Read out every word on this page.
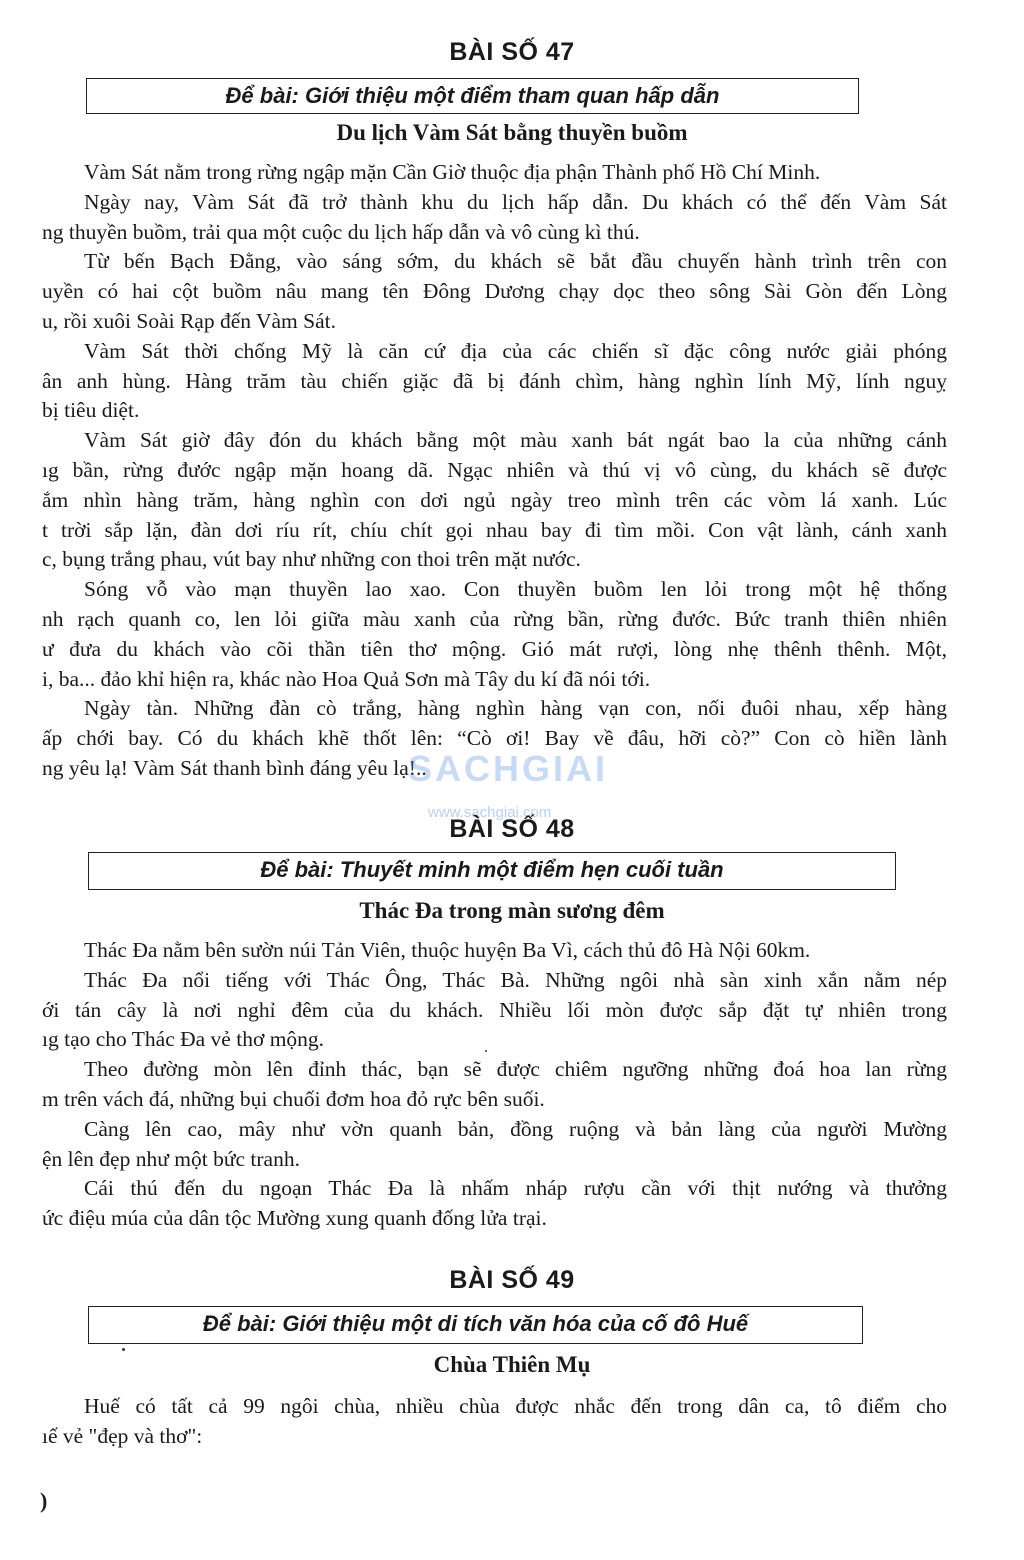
BÀI SỐ 47
Để bài: Giới thiệu một điểm tham quan hấp dẫn
Du lịch Vàm Sát bằng thuyền buồm
Vàm Sát nằm trong rừng ngập mặn Cần Giờ thuộc địa phận Thành phố Hồ Chí Minh.
Ngày nay, Vàm Sát đã trở thành khu du lịch hấp dẫn. Du khách có thể đến Vàm Sát
ng thuyền buồm, trải qua một cuộc du lịch hấp dẫn và vô cùng kì thú.
Từ bến Bạch Đằng, vào sáng sớm, du khách sẽ bắt đầu chuyến hành trình trên con
uyền có hai cột buồm nâu mang tên Đông Dương chạy dọc theo sông Sài Gòn đến Lòng
u, rồi xuôi Soài Rạp đến Vàm Sát.
Vàm Sát thời chống Mỹ là căn cứ địa của các chiến sĩ đặc công nước giải phóng
ân anh hùng. Hàng trăm tàu chiến giặc đã bị đánh chìm, hàng nghìn lính Mỹ, lính nguỵ
bị tiêu diệt.
Vàm Sát giờ đây đón du khách bằng một màu xanh bát ngát bao la của những cánh
ıg bần, rừng đước ngập mặn hoang dã. Ngạc nhiên và thú vị vô cùng, du khách sẽ được
ắm nhìn hàng trăm, hàng nghìn con dơi ngủ ngày treo mình trên các vòm lá xanh. Lúc
t trời sắp lặn, đàn dơi ríu rít, chíu chít gọi nhau bay đi tìm mồi. Con vật lành, cánh xanh
c, bụng trắng phau, vút bay như những con thoi trên mặt nước.
Sóng vỗ vào mạn thuyền lao xao. Con thuyền buồm len lỏi trong một hệ thống
nh rạch quanh co, len lỏi giữa màu xanh của rừng bần, rừng đước. Bức tranh thiên nhiên
ư đưa du khách vào cõi thần tiên thơ mộng. Gió mát rượi, lòng nhẹ thênh thênh. Một,
i, ba... đảo khỉ hiện ra, khác nào Hoa Quả Sơn mà Tây du kí đã nói tới.
Ngày tàn. Những đàn cò trắng, hàng nghìn hàng vạn con, nối đuôi nhau, xếp hàng
ấp chới bay. Có du khách khẽ thốt lên: “Cò ơi! Bay về đâu, hỡi cò?” Con cò hiền lành
ng yêu lạ! Vàm Sát thanh bình đáng yêu lạ!..
SACHGIAI
www.sachgiai.com
BÀI SỐ 48
Để bài: Thuyết minh một điểm hẹn cuối tuần
Thác Đa trong màn sương đêm
Thác Đa nằm bên sườn núi Tản Viên, thuộc huyện Ba Vì, cách thủ đô Hà Nội 60km.
Thác Đa nổi tiếng với Thác Ông, Thác Bà. Những ngôi nhà sàn xinh xắn nằm nép
ới tán cây là nơi nghỉ đêm của du khách. Nhiều lối mòn được sắp đặt tự nhiên trong
ıg tạo cho Thác Đa vẻ thơ mộng.
Theo đường mòn lên đỉnh thác, bạn sẽ được chiêm ngưỡng những đoá hoa lan rừng
m trên vách đá, những bụi chuối đơm hoa đỏ rực bên suối.
Càng lên cao, mây như vờn quanh bản, đồng ruộng và bản làng của người Mường
ện lên đẹp như một bức tranh.
Cái thú đến du ngoạn Thác Đa là nhấm nháp rượu cần với thịt nướng và thưởng
ức điệu múa của dân tộc Mường xung quanh đống lửa trại.
BÀI SỐ 49
Để bài: Giới thiệu một di tích văn hóa của cố đô Huế
Chùa Thiên Mụ
Huế có tất cả 99 ngôi chùa, nhiều chùa được nhắc đến trong dân ca, tô điểm cho
ıế vẻ "đẹp và thơ":
)
